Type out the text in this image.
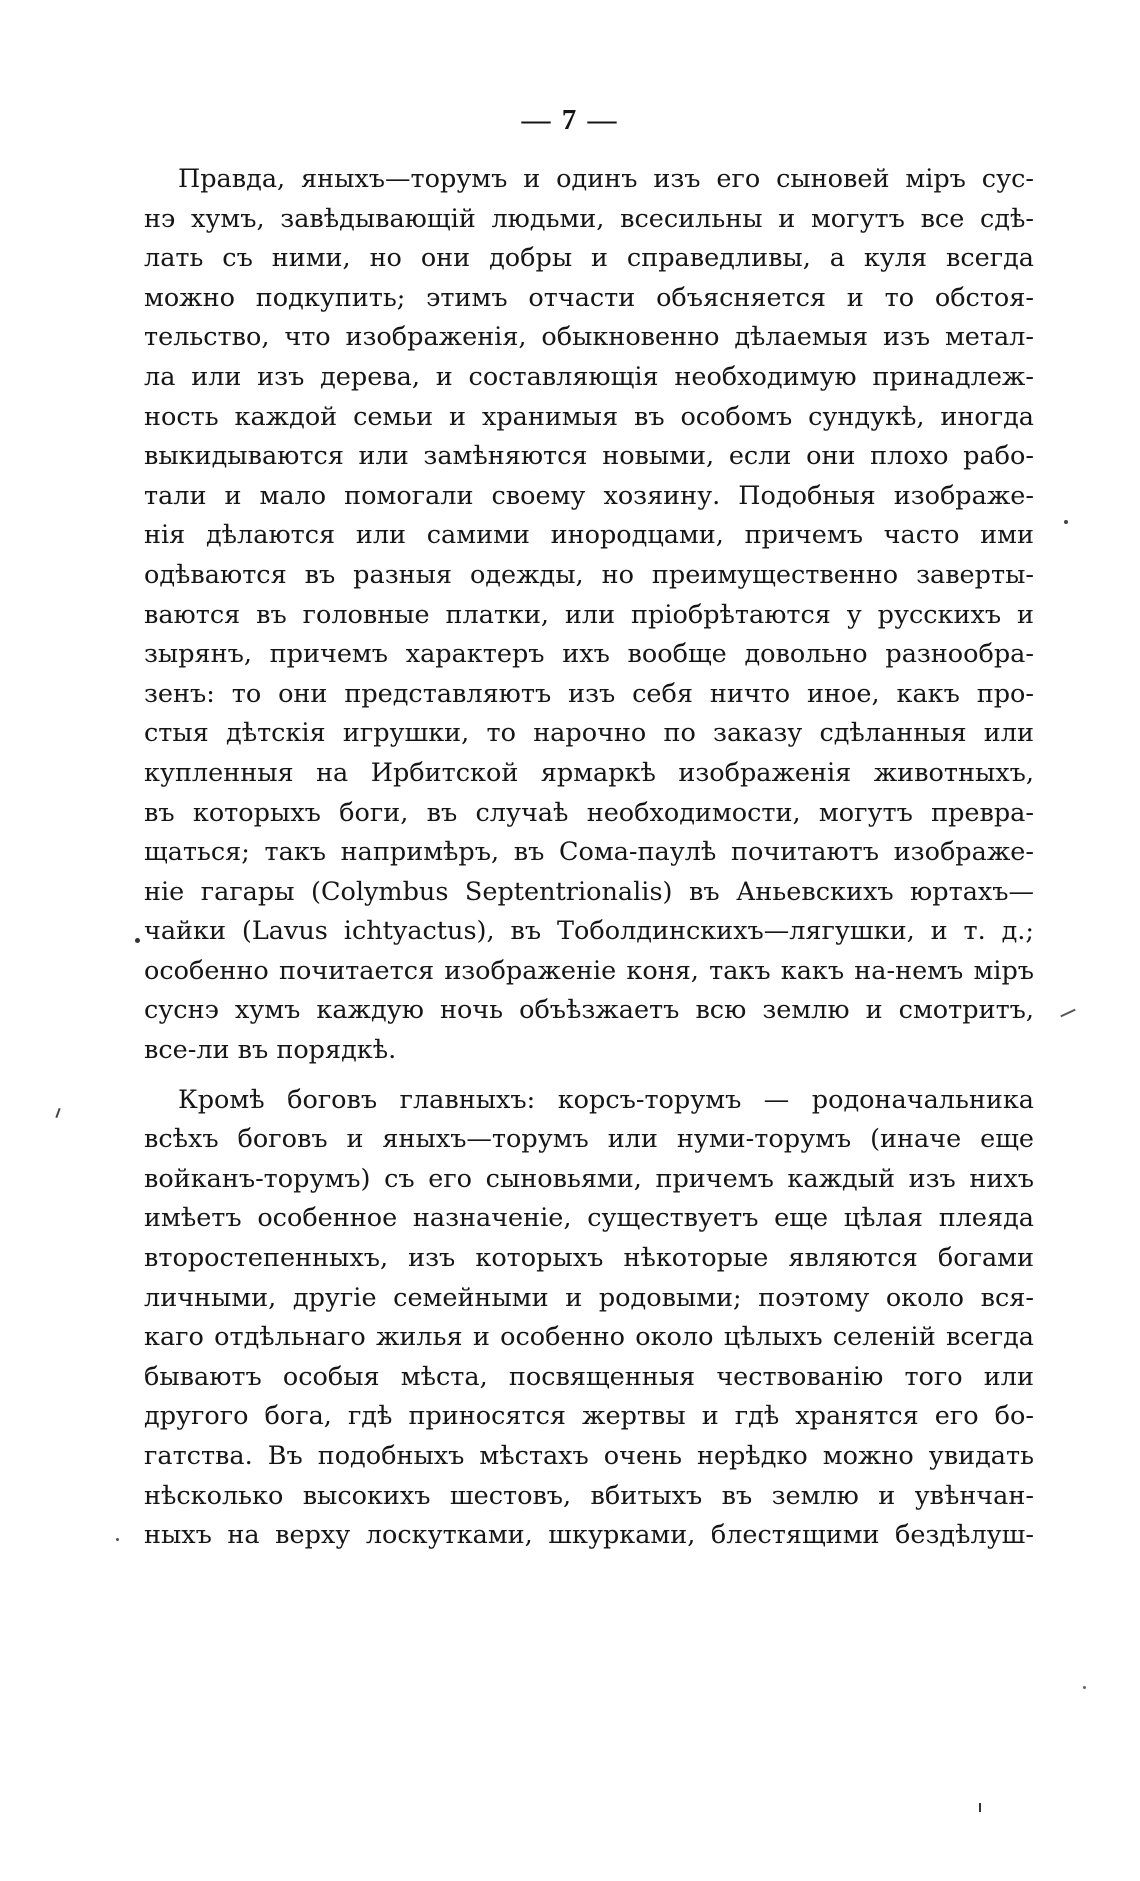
— 7 —
Правда, яныхъ—торумъ и одинъ изъ его сыновей міръ сус-
нэ хумъ, завѣдывающій людьми, всесильны и могутъ все сдѣ-
лать съ ними, но они добры и справедливы, а куля всегда
можно подкупить; этимъ отчасти объясняется и то обстоя-
тельство, что изображенія, обыкновенно дѣлаемыя изъ метал-
ла или изъ дерева, и составляющія необходимую принадлеж-
ность каждой семьи и хранимыя въ особомъ сундукѣ, иногда
выкидываются или замѣняются новыми, если они плохо рабо-
тали и мало помогали своему хозяину. Подобныя изображе-
нія дѣлаются или самими инородцами, причемъ часто ими
одѣваются въ разныя одежды, но преимущественно заверты-
ваются въ головные платки, или пріобрѣтаются у русскихъ и
зырянъ, причемъ характеръ ихъ вообще довольно разнообра-
зенъ: то они представляютъ изъ себя ничто иное, какъ про-
стыя дѣтскія игрушки, то нарочно по заказу сдѣланныя или
купленныя на Ирбитской ярмаркѣ изображенія животныхъ,
въ которыхъ боги, въ случаѣ необходимости, могутъ превра-
щаться; такъ напримѣръ, въ Сома-паулѣ почитаютъ изображе-
ніе гагары (Colymbus Septentrionalis) въ Аньевскихъ юртахъ—
чайки (Lavus ichtyactus), въ Тоболдинскихъ—лягушки, и т. д.;
особенно почитается изображеніе коня, такъ какъ на-немъ міръ
суснэ хумъ каждую ночь объѣзжаетъ всю землю и смотритъ,
все-ли въ порядкѣ.
Кромѣ боговъ главныхъ: корсъ-торумъ — родоначальника
всѣхъ боговъ и яныхъ—торумъ или нуми-торумъ (иначе еще
войканъ-торумъ) съ его сыновьями, причемъ каждый изъ нихъ
имѣетъ особенное назначеніе, существуетъ еще цѣлая плеяда
второстепенныхъ, изъ которыхъ нѣкоторые являются богами
личными, другіе семейными и родовыми; поэтому около вся-
каго отдѣльнаго жилья и особенно около цѣлыхъ селеній всегда
бываютъ особыя мѣста, посвященныя чествованію того или
другого бога, гдѣ приносятся жертвы и гдѣ хранятся его бо-
гатства. Въ подобныхъ мѣстахъ очень нерѣдко можно увидать
нѣсколько высокихъ шестовъ, вбитыхъ въ землю и увѣнчан-
ныхъ на верху лоскутками, шкурками, блестящими бездѣлуш-
